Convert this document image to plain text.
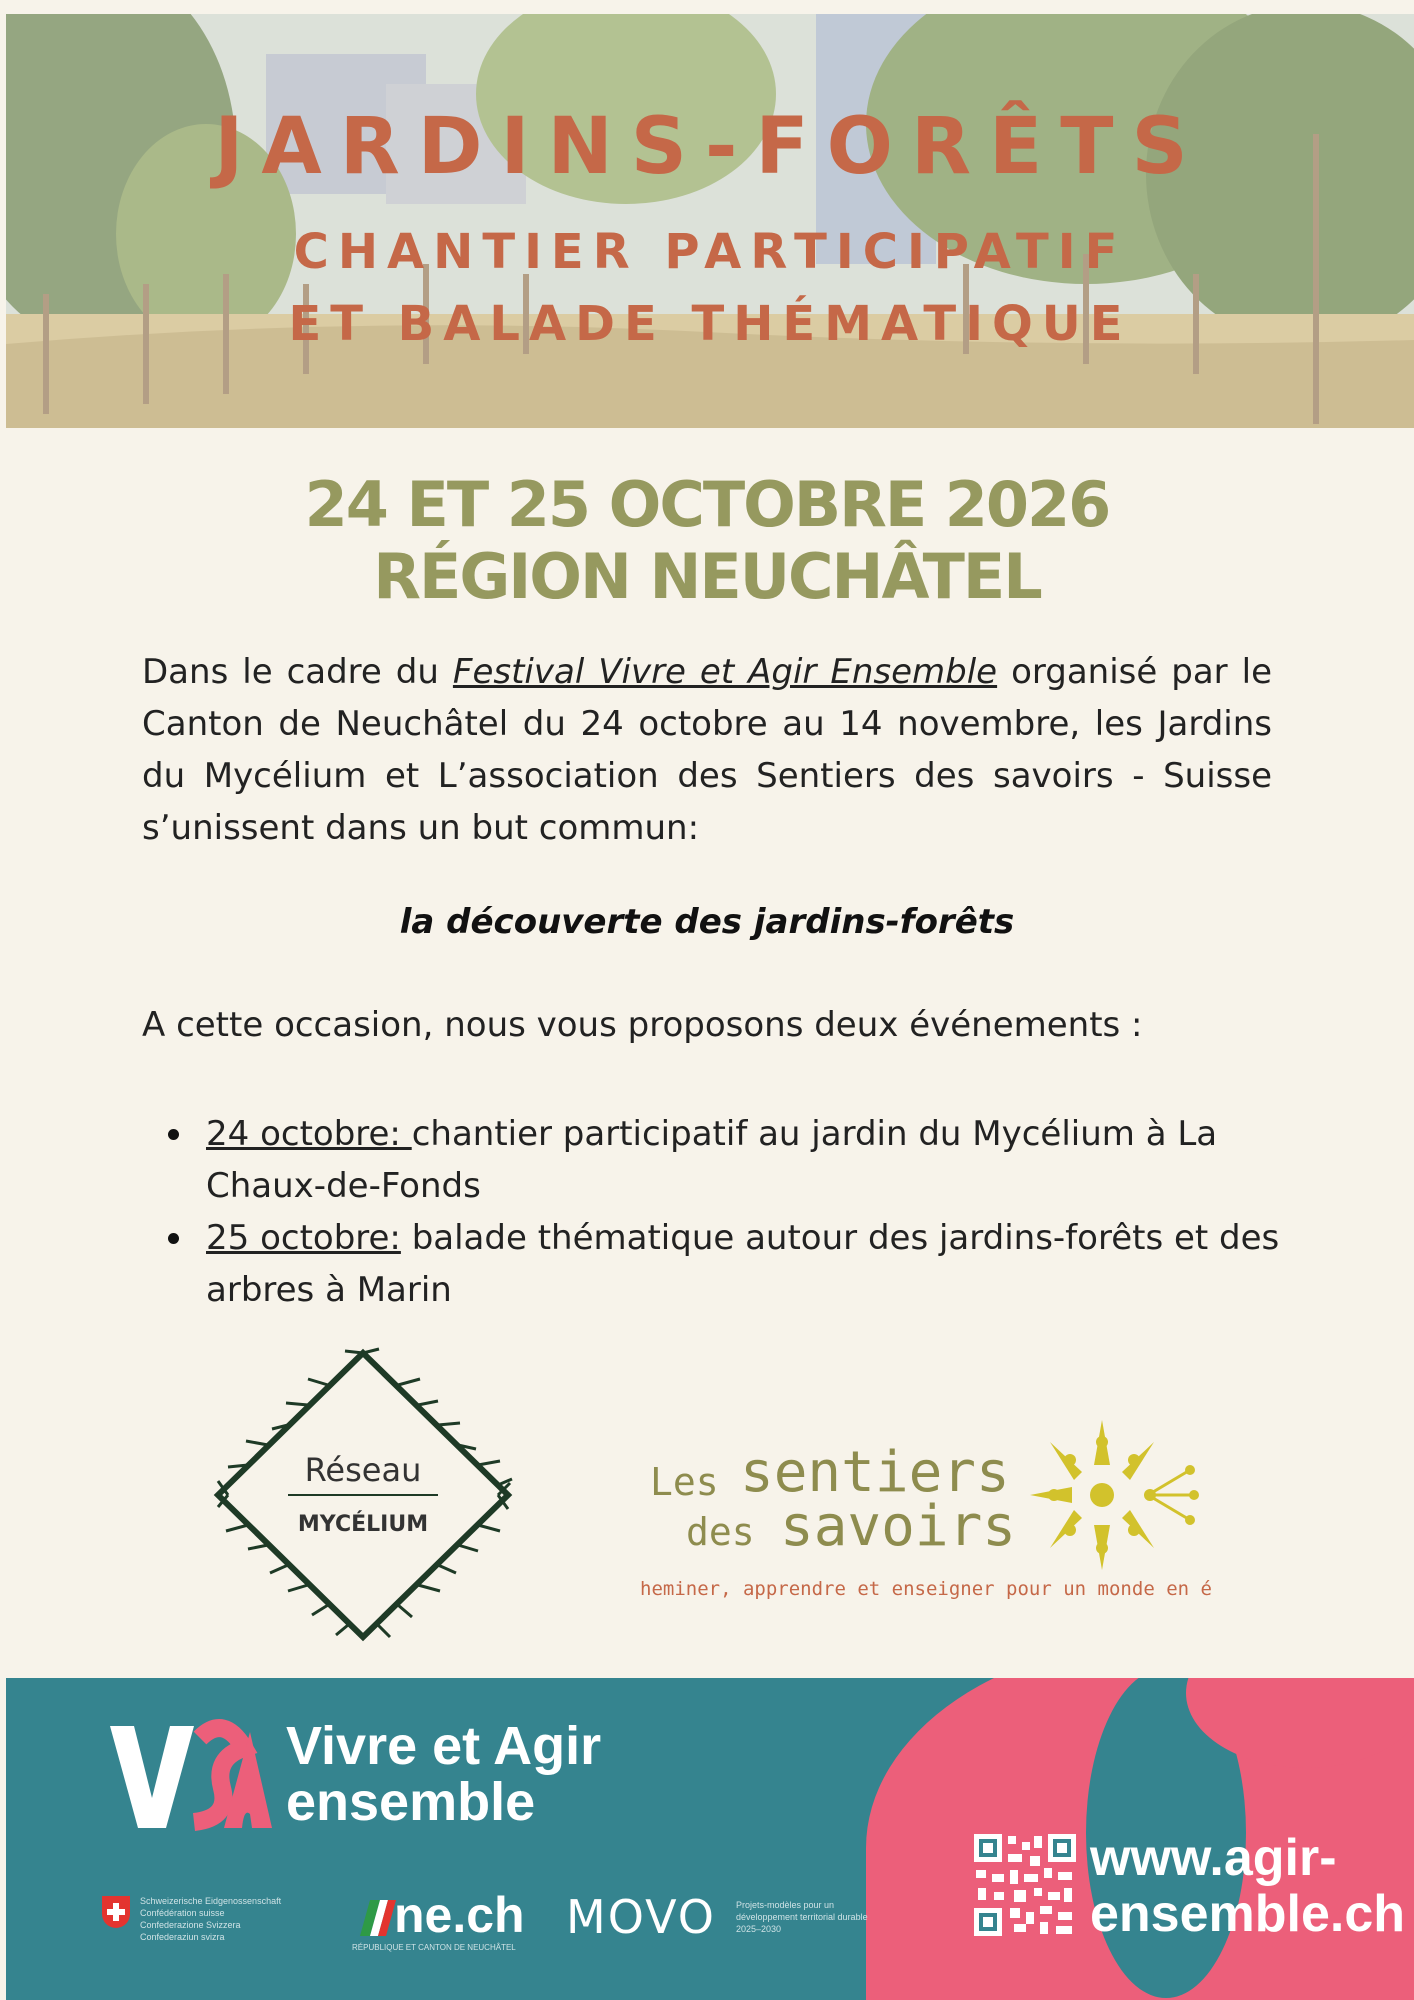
JARDINS-FORÊTS
CHANTIER PARTICIPATIF
ET BALADE THÉMATIQUE
24 ET 25 OCTOBRE 2026
RÉGION NEUCHÂTEL
Dans le cadre du Festival Vivre et Agir Ensemble organisé par le Canton de Neuchâtel du 24 octobre au 14 novembre, les Jardins du Mycélium et L’association des Sentiers des savoirs - Suisse s’unissent dans un but commun:
la découverte des jardins-forêts
A cette occasion, nous vous proposons deux événements :
24 octobre: chantier participatif au jardin du Mycélium à La Chaux-de-Fonds
25 octobre: balade thématique autour des jardins-forêts et des arbres à Marin
Réseau
MYCÉLIUM
Les sentiers
des savoirs
heminer, apprendre et enseigner pour un monde en é
Vivre et Agir
ensemble
Schweizerische Eidgenossenschaft
Confédération suisse
Confederazione Svizzera
Confederaziun svizra	ne.ch
RÉPUBLIQUE ET CANTON DE NEUCHÂTEL
MOVO Projets-modèles pour un
développement territorial durable
2025–2030
www.agir-
ensemble.ch
